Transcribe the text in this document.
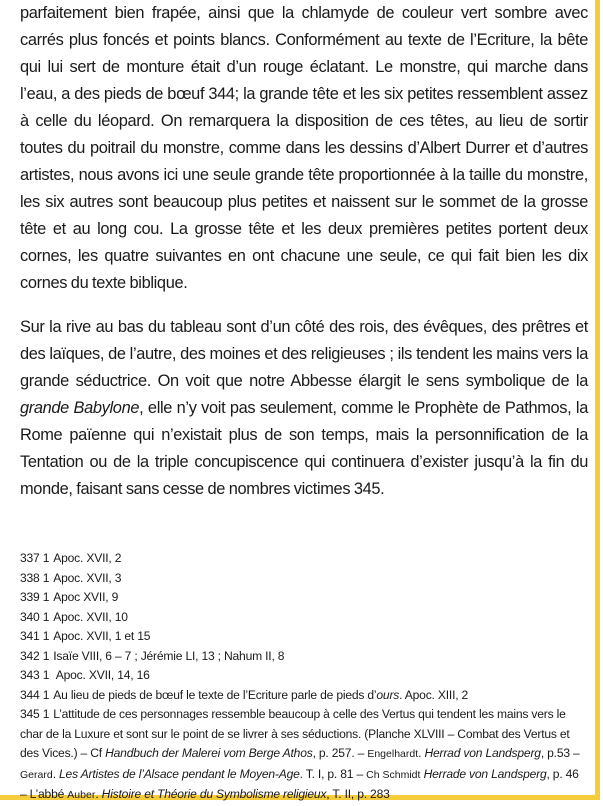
parfaitement bien frapée, ainsi que la chlamyde de couleur vert sombre avec carrés plus foncés et points blancs. Conformément au texte de l’Ecriture, la bête qui lui sert de monture était d’un rouge éclatant. Le monstre, qui marche dans l’eau, a des pieds de bœuf 344; la grande tête et les six petites ressemblent assez à celle du léopard. On remarquera la disposition de ces têtes, au lieu de sortir toutes du poitrail du monstre, comme dans les dessins d’Albert Durrer et d’autres artistes, nous avons ici une seule grande tête proportionnée à la taille du monstre, les six autres sont beaucoup plus petites et naissent sur le sommet de la grosse tête et au long cou. La grosse tête et les deux premières petites portent deux cornes, les quatre suivantes en ont chacune une seule, ce qui fait bien les dix cornes du texte biblique.

Sur la rive au bas du tableau sont d’un côté des rois, des évêques, des prêtres et des laïques, de l’autre, des moines et des religieuses ; ils tendent les mains vers la grande séductrice. On voit que notre Abbesse élargit le sens symbolique de la grande Babylone, elle n’y voit pas seulement, comme le Prophète de Pathmos, la Rome païenne qui n’existait plus de son temps, mais la personnification de la Tentation ou de la triple concupiscence qui continuera d’exister jusqu’à la fin du monde, faisant sans cesse de nombres victimes 345.

337 1 Apoc. XVII, 2
338 1 Apoc. XVII, 3
339 1 Apoc XVII, 9
340 1 Apoc. XVII, 10
341 1 Apoc. XVII, 1 et 15
342 1 Isaïe VIII, 6 – 7 ; Jérémie LI, 13 ; Nahum II, 8
343 1 Apoc. XVII, 14, 16
344 1 Au lieu de pieds de bœuf le texte de l’Ecriture parle de pieds d’ours. Apoc. XIII, 2
345 1 L’attitude de ces personnages ressemble beaucoup à celle des Vertus qui tendent les mains vers le char de la Luxure et sont sur le point de se livrer à ses séductions. (Planche XLVIII – Combat des Vertus et des Vices.) – Cf Handbuch der Malerei vom Berge Athos, p. 257. – Engelhardt. Herrad von Landsperg, p.53 – Gerard. Les Artistes de l’Alsace pendant le Moyen-Age. T. I, p. 81 – Ch Schmidt Herrade von Landsperg, p. 46 – L’abbé Auber. Histoire et Théorie du Symbolisme religieux, T. II, p. 283
